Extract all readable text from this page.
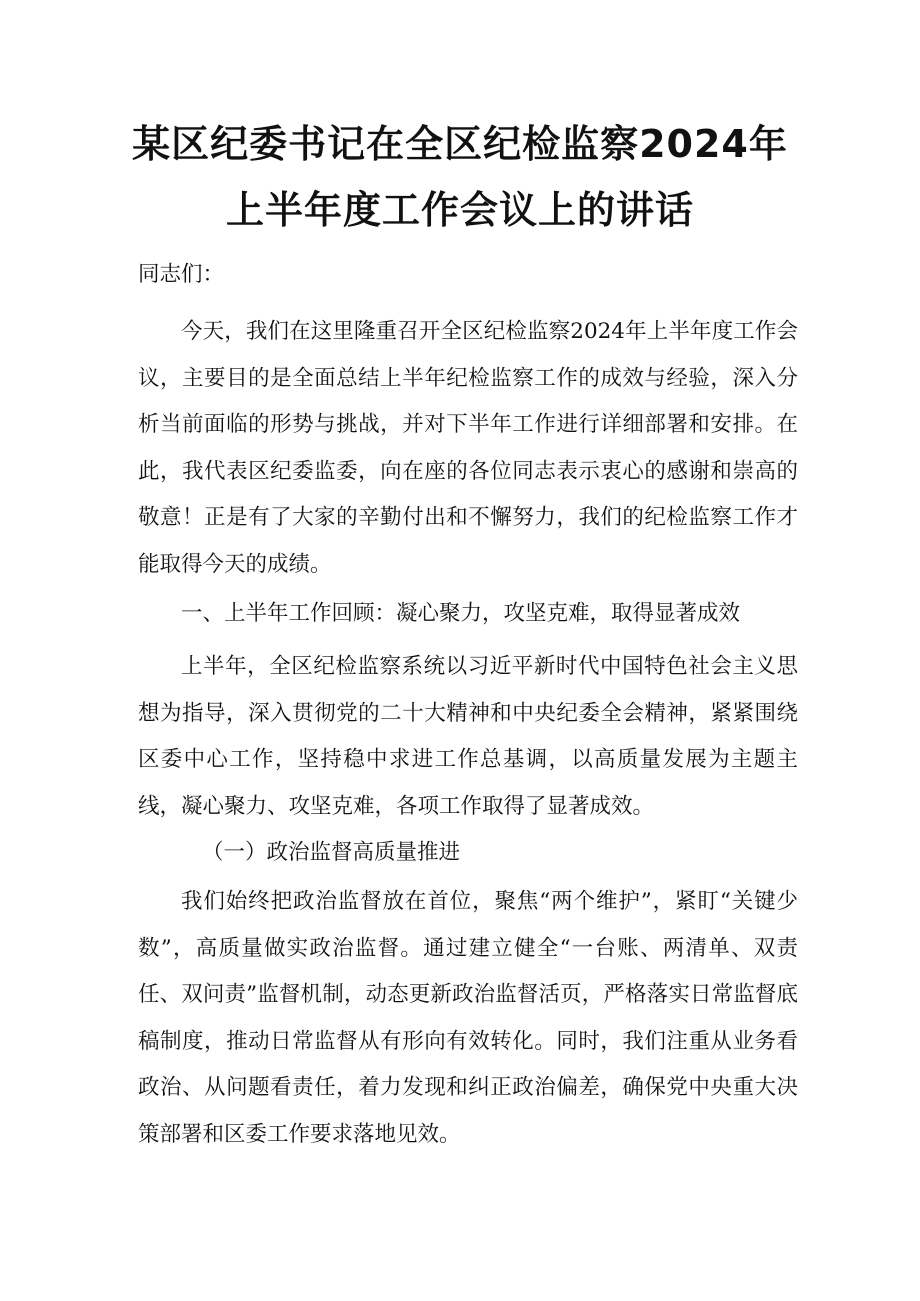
某区纪委书记在全区纪检监察2024年
上半年度工作会议上的讲话

同志们：

今天，我们在这里隆重召开全区纪检监察2024年上半年度工作会议，主要目的是全面总结上半年纪检监察工作的成效与经验，深入分析当前面临的形势与挑战，并对下半年工作进行详细部署和安排。在此，我代表区纪委监委，向在座的各位同志表示衷心的感谢和崇高的敬意！正是有了大家的辛勤付出和不懈努力，我们的纪检监察工作才能取得今天的成绩。

一、上半年工作回顾：凝心聚力，攻坚克难，取得显著成效

上半年，全区纪检监察系统以习近平新时代中国特色社会主义思想为指导，深入贯彻党的二十大精神和中央纪委全会精神，紧紧围绕区委中心工作，坚持稳中求进工作总基调，以高质量发展为主题主线，凝心聚力、攻坚克难，各项工作取得了显著成效。

（一）政治监督高质量推进

我们始终把政治监督放在首位，聚焦“两个维护”，紧盯“关键少数”，高质量做实政治监督。通过建立健全“一台账、两清单、双责任、双问责”监督机制，动态更新政治监督活页，严格落实日常监督底稿制度，推动日常监督从有形向有效转化。同时，我们注重从业务看政治、从问题看责任，着力发现和纠正政治偏差，确保党中央重大决策部署和区委工作要求落地见效。
